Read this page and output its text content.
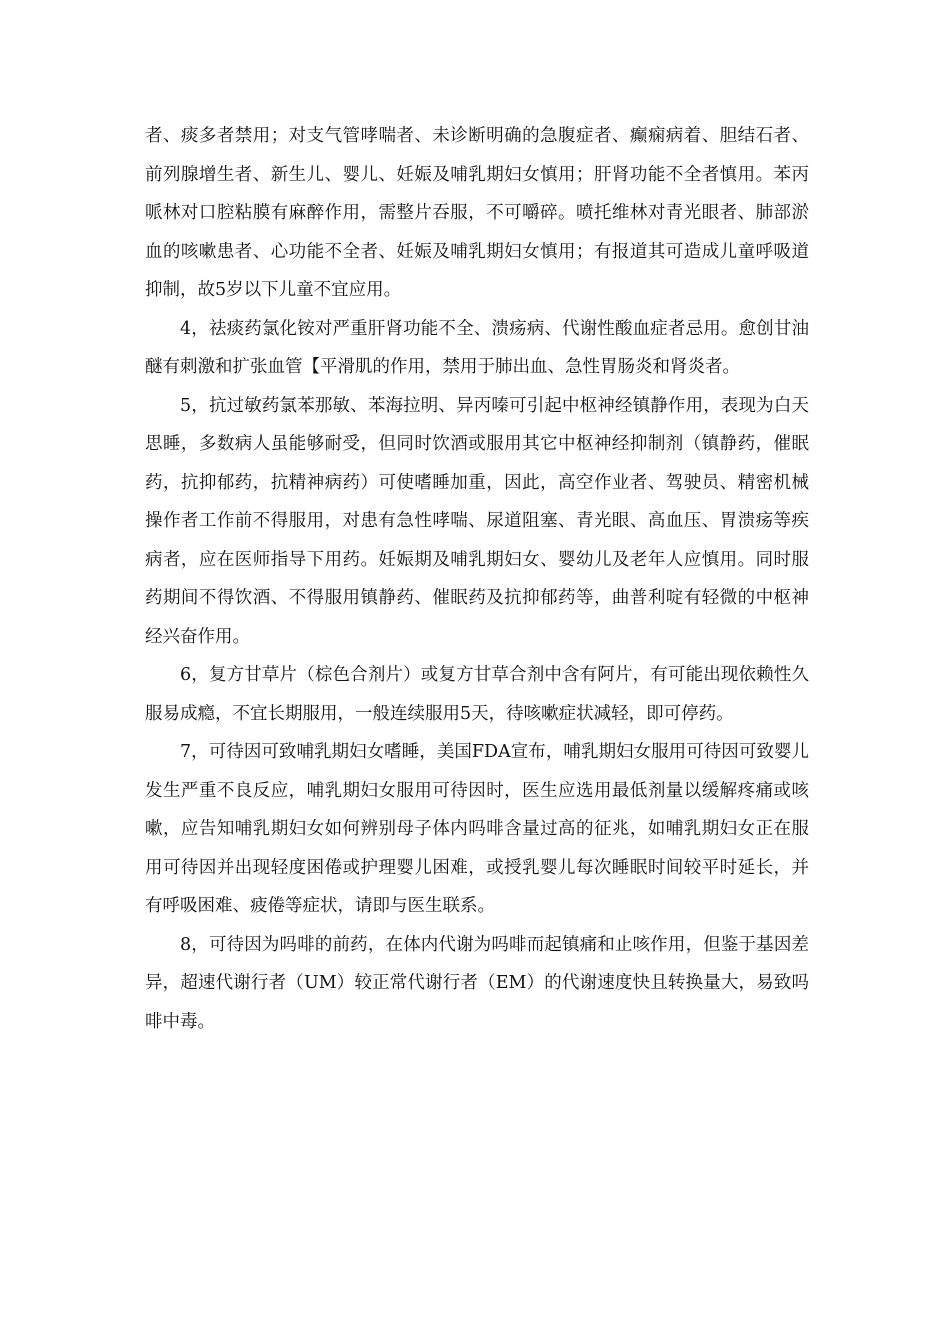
者、痰多者禁用；对支气管哮喘者、未诊断明确的急腹症者、癫痫病着、胆结石者、前列腺增生者、新生儿、婴儿、妊娠及哺乳期妇女慎用；肝肾功能不全者慎用。苯丙哌林对口腔粘膜有麻醉作用，需整片吞服，不可嚼碎。喷托维林对青光眼者、肺部淤血的咳嗽患者、心功能不全者、妊娠及哺乳期妇女慎用；有报道其可造成儿童呼吸道抑制，故5岁以下儿童不宜应用。

4，祛痰药氯化铵对严重肝肾功能不全、溃疡病、代谢性酸血症者忌用。愈创甘油醚有刺激和扩张血管【平滑肌的作用，禁用于肺出血、急性胃肠炎和肾炎者。

5，抗过敏药氯苯那敏、苯海拉明、异丙嗪可引起中枢神经镇静作用，表现为白天思睡，多数病人虽能够耐受，但同时饮酒或服用其它中枢神经抑制剂（镇静药，催眠药，抗抑郁药，抗精神病药）可使嗜睡加重，因此，高空作业者、驾驶员、精密机械操作者工作前不得服用，对患有急性哮喘、尿道阻塞、青光眼、高血压、胃溃疡等疾病者，应在医师指导下用药。妊娠期及哺乳期妇女、婴幼儿及老年人应慎用。同时服药期间不得饮酒、不得服用镇静药、催眠药及抗抑郁药等，曲普利啶有轻微的中枢神经兴奋作用。

6，复方甘草片（棕色合剂片）或复方甘草合剂中含有阿片，有可能出现依赖性久服易成瘾，不宜长期服用，一般连续服用5天，待咳嗽症状减轻，即可停药。

7，可待因可致哺乳期妇女嗜睡，美国FDA宣布，哺乳期妇女服用可待因可致婴儿发生严重不良反应，哺乳期妇女服用可待因时，医生应选用最低剂量以缓解疼痛或咳嗽，应告知哺乳期妇女如何辨别母子体内吗啡含量过高的征兆，如哺乳期妇女正在服用可待因并出现轻度困倦或护理婴儿困难，或授乳婴儿每次睡眠时间较平时延长，并有呼吸困难、疲倦等症状，请即与医生联系。

8，可待因为吗啡的前药，在体内代谢为吗啡而起镇痛和止咳作用，但鉴于基因差异，超速代谢行者（UM）较正常代谢行者（EM）的代谢速度快且转换量大，易致吗啡中毒。
